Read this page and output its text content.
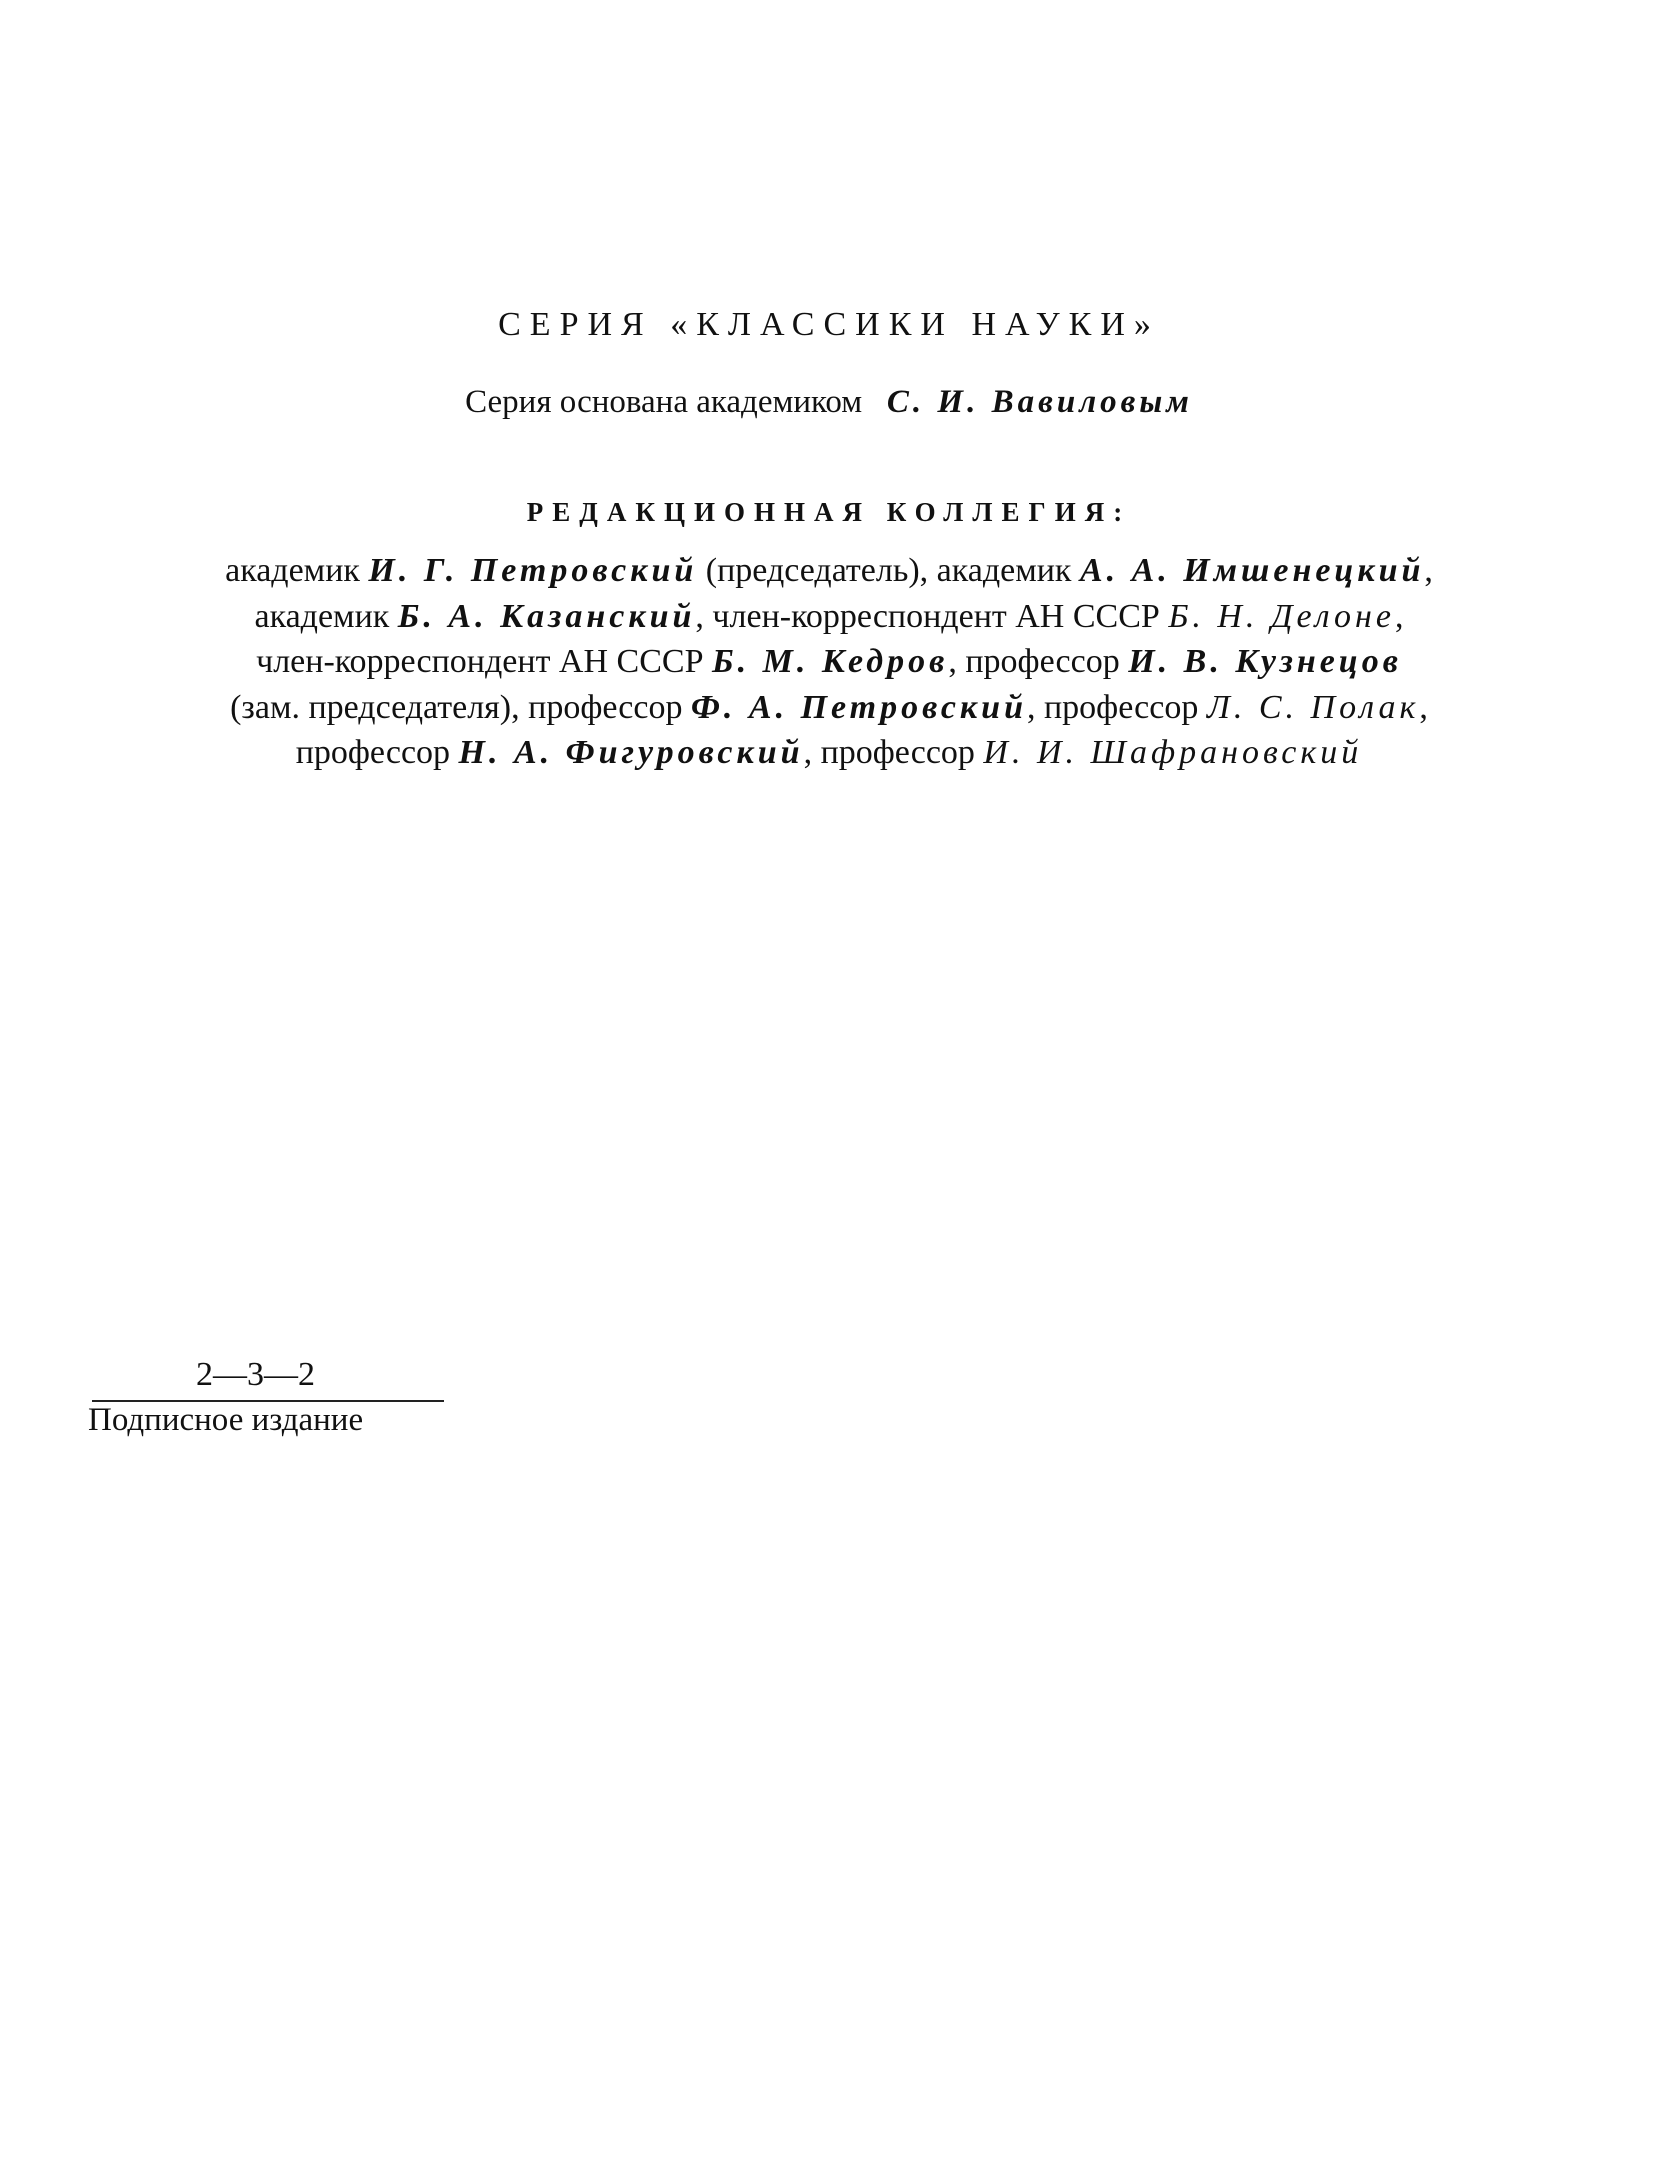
СЕРИЯ «КЛАССИКИ НАУКИ»
Серия основана академиком С. И. Вавиловым
РЕДАКЦИОННАЯ КОЛЛЕГИЯ:
академик И. Г. Петровский (председатель), академик А. А. Имшенецкий,
академик Б. А. Казанский, член-корреспондент АН СССР Б. Н. Делоне,
член-корреспондент АН СССР Б. М. Кедров, профессор И. В. Кузнецов
(зам. председателя), профессор Ф. А. Петровский, профессор Л. С. Полак,
профессор Н. А. Фигуровский, профессор И. И. Шафрановский
2—3—2
Подписное издание
